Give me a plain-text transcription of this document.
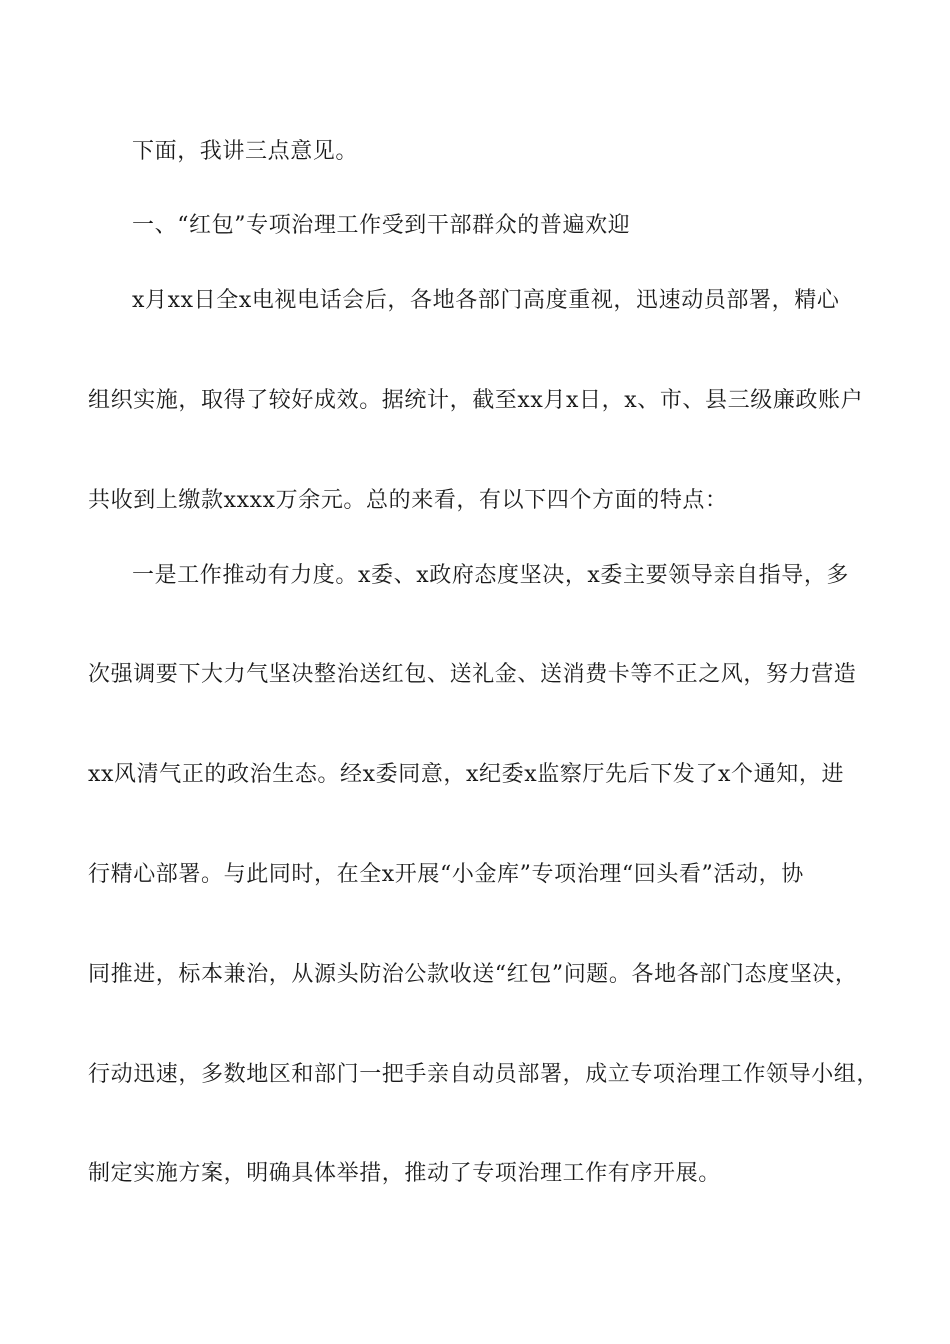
下面，我讲三点意见。
一、“红包”专项治理工作受到干部群众的普遍欢迎
x月xx日全x电视电话会后，各地各部门高度重视，迅速动员部署，精心
组织实施，取得了较好成效。据统计，截至xx月x日，x、市、县三级廉政账户
共收到上缴款xxxx万余元。总的来看，有以下四个方面的特点：
一是工作推动有力度。x委、x政府态度坚决，x委主要领导亲自指导，多
次强调要下大力气坚决整治送红包、送礼金、送消费卡等不正之风，努力营造
xx风清气正的政治生态。经x委同意，x纪委x监察厅先后下发了x个通知，进
行精心部署。与此同时，在全x开展“小金库”专项治理“回头看”活动，协
同推进，标本兼治，从源头防治公款收送“红包”问题。各地各部门态度坚决，
行动迅速，多数地区和部门一把手亲自动员部署，成立专项治理工作领导小组，
制定实施方案，明确具体举措，推动了专项治理工作有序开展。
